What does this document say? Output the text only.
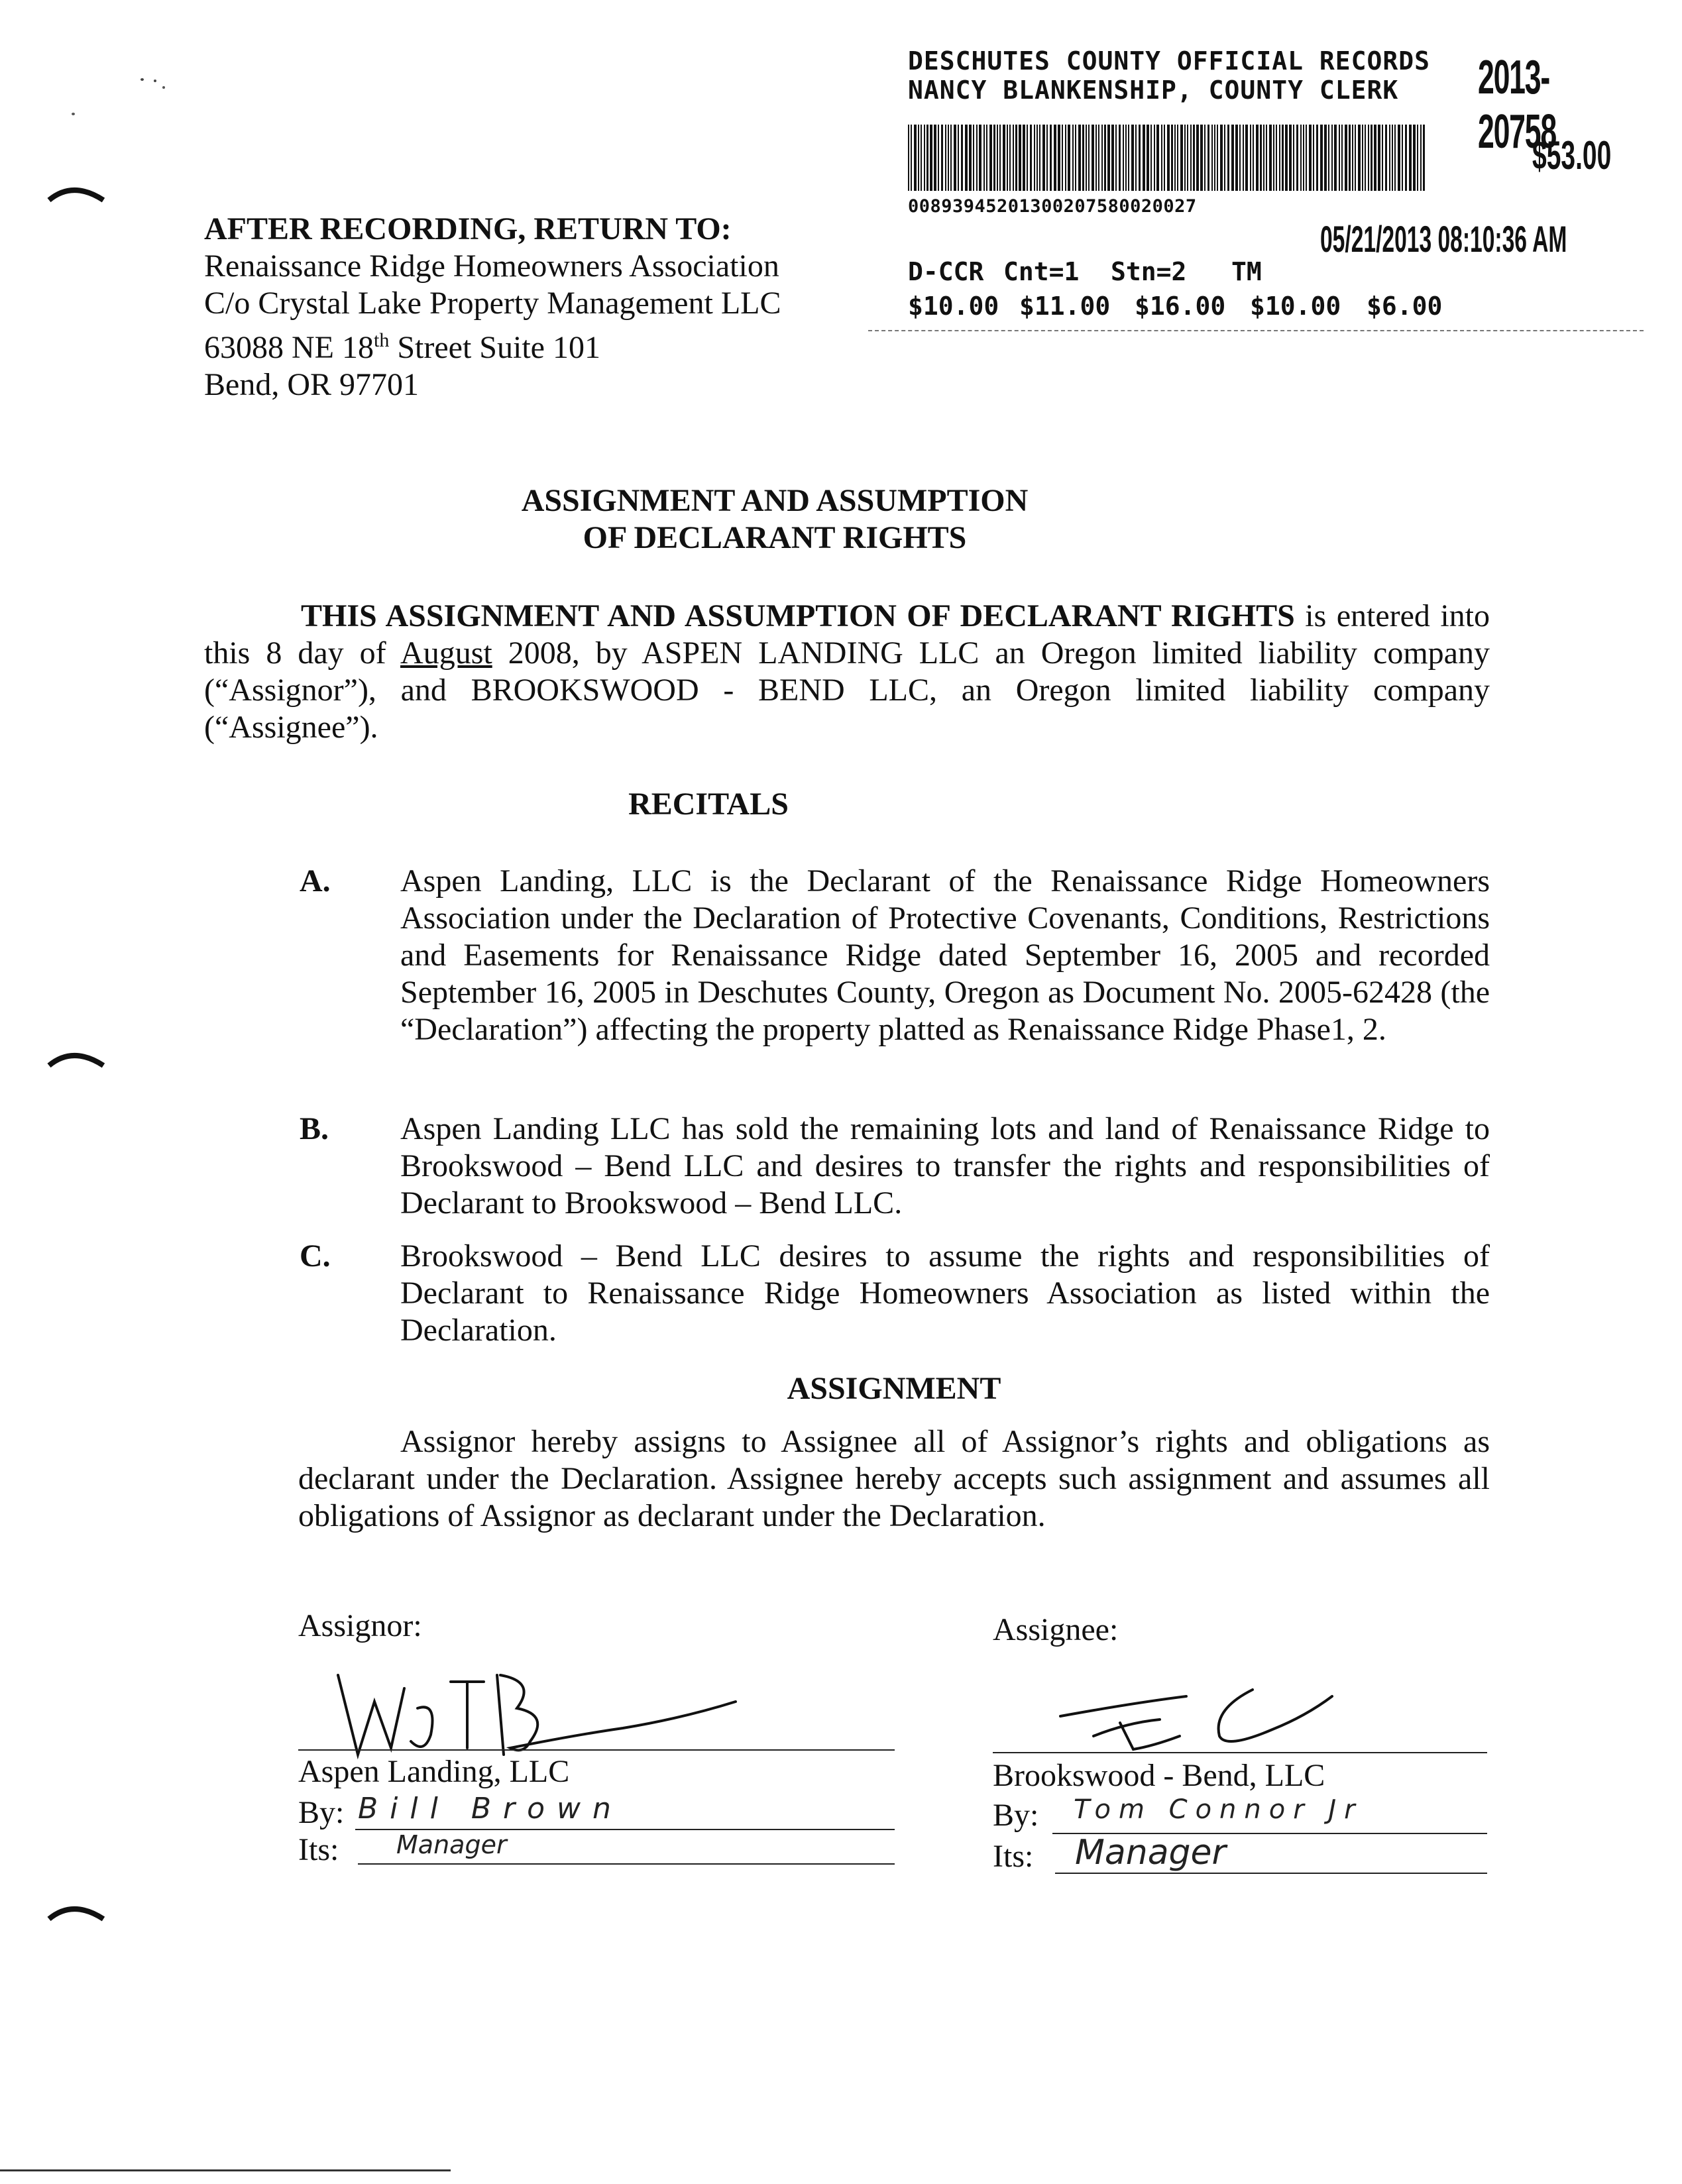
DESCHUTES COUNTY OFFICIAL RECORDS
NANCY BLANKENSHIP, COUNTY CLERK 2013-20758
$53.00
00893945201300207580020027
05/21/2013 08:10:36 AM
D-CCR Cnt=1 Stn=2 TM
$10.00 $11.00 $16.00 $10.00 $6.00
AFTER RECORDING, RETURN TO:
Renaissance Ridge Homeowners Association
C/o Crystal Lake Property Management LLC
63088 NE 18th Street Suite 101
Bend, OR 97701
ASSIGNMENT AND ASSUMPTION
OF DECLARANT RIGHTS
THIS ASSIGNMENT AND ASSUMPTION OF DECLARANT RIGHTS is entered into this 8 day of August 2008, by ASPEN LANDING LLC an Oregon limited liability company (“Assignor”), and BROOKSWOOD - BEND LLC, an Oregon limited liability company (“Assignee”).
RECITALS
A. Aspen Landing, LLC is the Declarant of the Renaissance Ridge Homeowners Association under the Declaration of Protective Covenants, Conditions, Restrictions and Easements for Renaissance Ridge dated September 16, 2005 and recorded September 16, 2005 in Deschutes County, Oregon as Document No. 2005-62428 (the “Declaration”) affecting the property platted as Renaissance Ridge Phase1, 2.
B. Aspen Landing LLC has sold the remaining lots and land of Renaissance Ridge to Brookswood – Bend LLC and desires to transfer the rights and responsibilities of Declarant to Brookswood – Bend LLC.
C. Brookswood – Bend LLC desires to assume the rights and responsibilities of Declarant to Renaissance Ridge Homeowners Association as listed within the Declaration.
ASSIGNMENT
Assignor hereby assigns to Assignee all of Assignor’s rights and obligations as declarant under the Declaration. Assignee hereby accepts such assignment and assumes all obligations of Assignor as declarant under the Declaration.
Assignor:
Aspen Landing, LLC
By: Bill Brown
Its: Manager
Assignee:
Brookswood - Bend, LLC
By: Tom Connor Jr
Its: Manager
